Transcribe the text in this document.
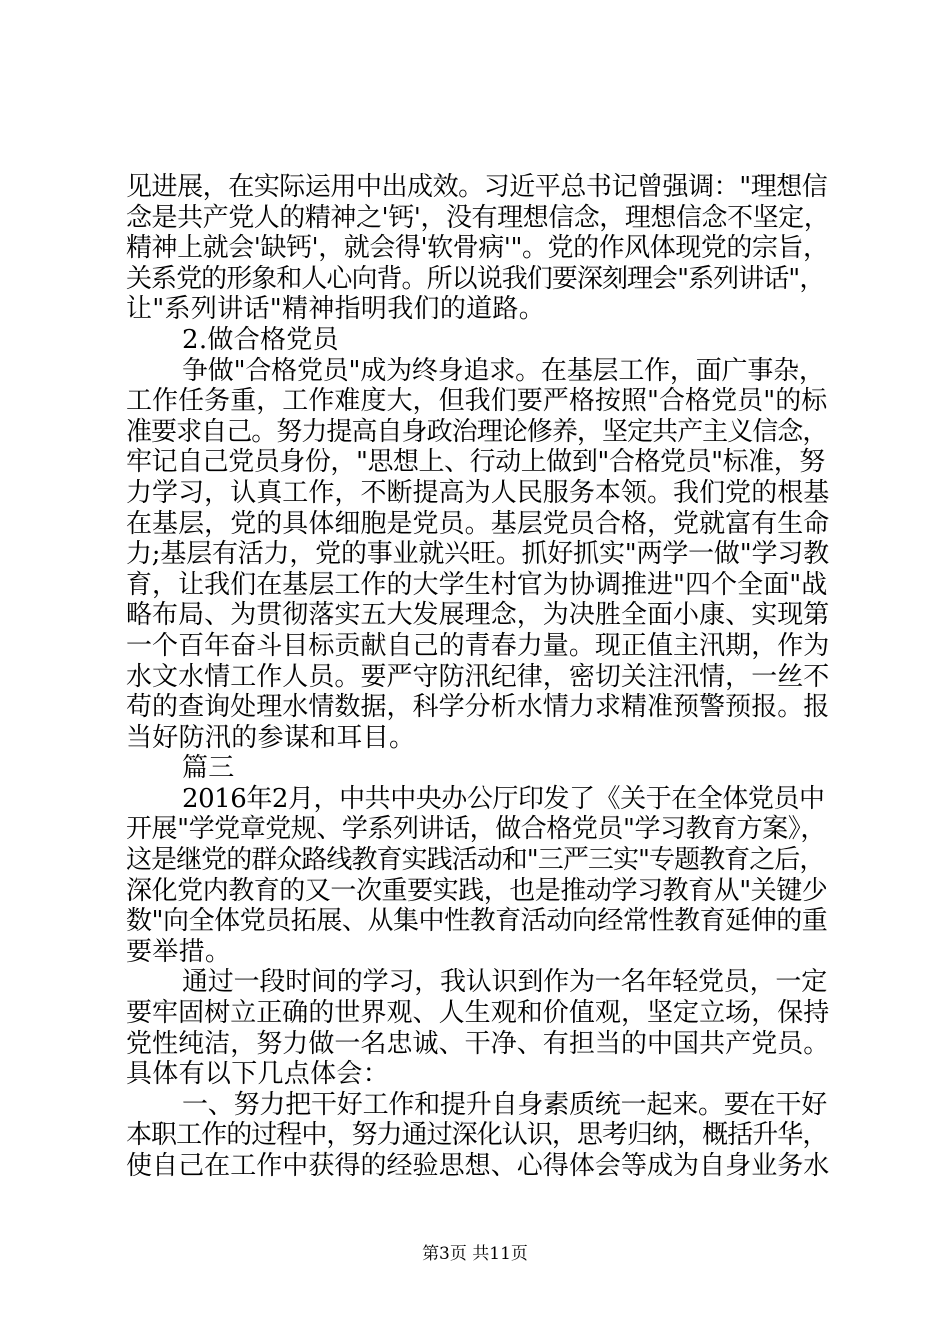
见进展，在实际运用中出成效。习近平总书记曾强调："理想信
念是共产党人的精神之'钙'，没有理想信念，理想信念不坚定，
精神上就会'缺钙'，就会得'软骨病'"。党的作风体现党的宗旨，
关系党的形象和人心向背。所以说我们要深刻理会"系列讲话"，
让"系列讲话"精神指明我们的道路。
2.做合格党员
争做"合格党员"成为终身追求。在基层工作，面广事杂，
工作任务重，工作难度大，但我们要严格按照"合格党员"的标
准要求自己。努力提高自身政治理论修养，坚定共产主义信念，
牢记自己党员身份，"思想上、行动上做到"合格党员"标准，努
力学习，认真工作，不断提高为人民服务本领。我们党的根基
在基层，党的具体细胞是党员。基层党员合格，党就富有生命
力;基层有活力，党的事业就兴旺。抓好抓实"两学一做"学习教
育，让我们在基层工作的大学生村官为协调推进"四个全面"战
略布局、为贯彻落实五大发展理念，为决胜全面小康、实现第
一个百年奋斗目标贡献自己的青春力量。现正值主汛期，作为
水文水情工作人员。要严守防汛纪律，密切关注汛情，一丝不
苟的查询处理水情数据，科学分析水情力求精准预警预报。报
当好防汛的参谋和耳目。
篇三
2016年2月，中共中央办公厅印发了《关于在全体党员中
开展"学党章党规、学系列讲话，做合格党员"学习教育方案》，
这是继党的群众路线教育实践活动和"三严三实"专题教育之后，
深化党内教育的又一次重要实践，也是推动学习教育从"关键少
数"向全体党员拓展、从集中性教育活动向经常性教育延伸的重
要举措。
通过一段时间的学习，我认识到作为一名年轻党员，一定
要牢固树立正确的世界观、人生观和价值观，坚定立场，保持
党性纯洁，努力做一名忠诚、干净、有担当的中国共产党员。
具体有以下几点体会：
一、努力把干好工作和提升自身素质统一起来。要在干好
本职工作的过程中，努力通过深化认识，思考归纳，概括升华，
使自己在工作中获得的经验思想、心得体会等成为自身业务水
第3页 共11页
